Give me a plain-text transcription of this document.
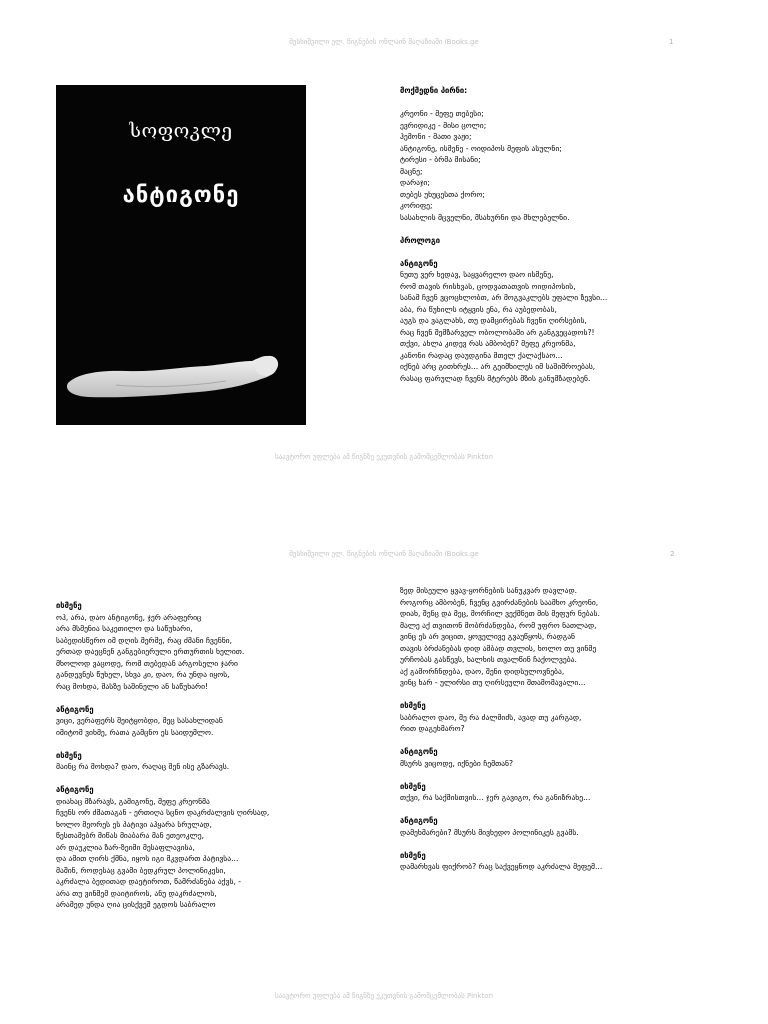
მესხიშვილი ელ. წიგნების ონლაინ მაღაზიაში iBooks.ge	1
სოფოკლე
ანტიგონე
მოქმედნი პირნი:
კრეონი - მეფე თებესი;
ევრიდიკე - მისი ცოლი;
ჰემონი - მათი ვაჟი;
ანტიგონე, ისმენე - ოიდიპოს მეფის ასულნი;
ტირესი - ბრმა მისანი;
მაცნე;
დარაჯი;
თებეს უხუცესთა ქორო;
კორიფე;
სასახლის მცველნი, მსახურნი და მხლებელნი.
პროლოგი
ანტიგონე
ნუთუ ვერ ხედავ, საყვარელო დაო ისმენე,
რომ თავის რისხვას, ცოდვათათვის ოიდიპოსის,
სანამ ჩვენ ვცოცხლობთ, არ მოგვაკლებს უფალი ზევსი...
აბა, რა წუხილს იტყვის ენა, რა აუბედობას,
აუგს და ვაგლახს, თუ დამცირებას ჩვენი ღირსების,
რაც ჩვენ შემზარველ ობოლობაში არ განგვეცადოს?!
თქვი, ახლა კიდევ რას ამბობენ? მეფე კრეონმა,
კანონი რადაც დაუდგინა მთელ ქალაქსაო...
იქნებ არც გითხრეს... არ გეიმხილეს იმ საშიშროებას,
რასაც ფარულად ჩვენს მტერებს მზის განუმზადებენ.
საავტორო უფლება ამ წიგნზე ეკუთვნის გამომცემლობას Pinkton
მესხიშვილი ელ. წიგნების ონლაინ მაღაზიაში iBooks.ge	2
ისმენე
ოჰ, არა, დაო ანტიგონე, ჯერ არაფერიც
არა მსმენია საკეთილო და საწუხარი,
საბედისწერო იმ დღის მერმე, რაც ძმანი ჩვენნი,
ერთად დაეცნენ განგებიერული ერთურთის ხელით.
მხოლოდ ვაცოდე, რომ თებედან არგოსელი ჯარი
განდევნეს წუხელ, სხვა კი, დაო, რა უნდა იყოს,
რაც მოხდა, მასზე საშინელი ან საწუხარი!
ანტიგონე
ვიცი, ვერაფერს შეიტყობდი, მეც სასახლიდან
იმიტომ ვიხმე, რათა გამცნო ეს საიდუმლო.
ისმენე
მაინც რა მოხდა? დაო, რაღაც შენ ისე გზარავს.
ანტიგონე
დიახაც მზარავს, გამიგონე, მეფე კრეონმა
ჩვენს ორ ძმათაგან - ერთიღა სცნო დაკრძალვის ღირსად,
ხოლო მეორეს ეს პატივი აჰყარა სრულად,
წესთამებრ მიწას მიაბარა მან ეთეოკლე,
არ დაუკლია ზარ-ზეიმი მესაფლავისა,
და ამით ღირს ქმნა, იყოს იგი მკვდართ პატივსა...
მაშინ, როდესაც გვამი ბედკრულ პოლინიკესი,
აკრძალა ბედითად დაეტიროთ, წამრძანება აქვს, -
არა თუ ვინმემ დაიტიროს, ანუ დაკრძალოს,
არამედ უნდა ღია ცისქვეშ ეგდოს საბრალო
ზედ მისეული ყვავ-ყორნების სანუკვარ დავლად.
როგორც ამბობენ, ჩვენც გვირძანების საამხო კრეონი,
დიახ, შენც და მეც, მორჩილ ვექმნეთ მის მეფურ ნებას.
მალე აქ თვითონ მობრძანდება, რომ უფრო ნათლად,
ვინც ეს არ ვიცით, ყოველივე გვაუწყოს, რადგან
თავის ბრძანებას დიდ ამბად თვლის, ხოლო თუ ვინმე
ურჩობას გასწევს, ხალხის თვალწინ ჩაქოლვება.
აქ გამორჩნდება, დაო, შენი დიდსულოვნება,
ვინც ხარ - ულირსი თუ ღირსეული შთამომავალი...
ისმენე
საბრალო დაო, მე რა ძალმიძს, ავად თუ კარგად,
რით დაგეხმარო?
ანტიგონე
მსურს ვიცოდე, იქნები ჩემთან?
ისმენე
თქვი, რა საქმისთვის... ჯერ გავიგო, რა განიზრახე...
ანტიგონე
დამეხმარები? მსურს მივხედო პოლინიკეს გვამს.
ისმენე
დამარხვას ფიქრობ? რაც საქვეყნოდ აკრძალა მეფემ...
საავტორო უფლება ამ წიგნზე ეკუთვნის გამომცემლობას Pinkton
